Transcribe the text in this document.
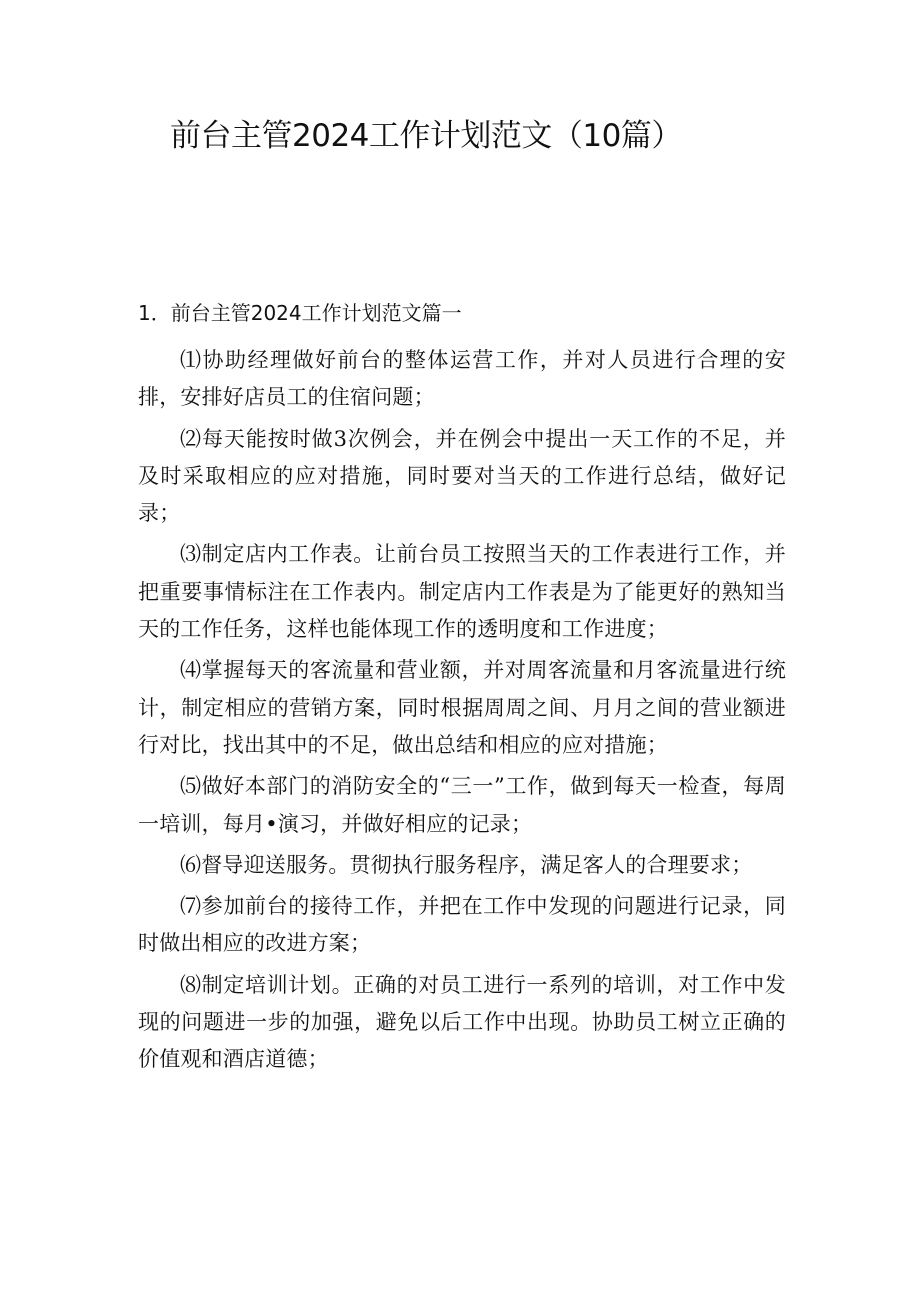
前台主管2024工作计划范文（10篇）
1．前台主管2024工作计划范文篇一

⑴协助经理做好前台的整体运营工作，并对人员进行合理的安排，安排好店员工的住宿问题；

⑵每天能按时做3次例会，并在例会中提出一天工作的不足，并及时采取相应的应对措施，同时要对当天的工作进行总结，做好记录；

⑶制定店内工作表。让前台员工按照当天的工作表进行工作，并把重要事情标注在工作表内。制定店内工作表是为了能更好的熟知当天的工作任务，这样也能体现工作的透明度和工作进度；

⑷掌握每天的客流量和营业额，并对周客流量和月客流量进行统计，制定相应的营销方案，同时根据周周之间、月月之间的营业额进行对比，找出其中的不足，做出总结和相应的应对措施；

⑸做好本部门的消防安全的“三一”工作，做到每天一检查，每周一培训，每月•演习，并做好相应的记录；

⑹督导迎送服务。贯彻执行服务程序，满足客人的合理要求；

⑺参加前台的接待工作，并把在工作中发现的问题进行记录，同时做出相应的改进方案；

⑻制定培训计划。正确的对员工进行一系列的培训，对工作中发现的问题进一步的加强，避免以后工作中出现。协助员工树立正确的价值观和酒店道德；
